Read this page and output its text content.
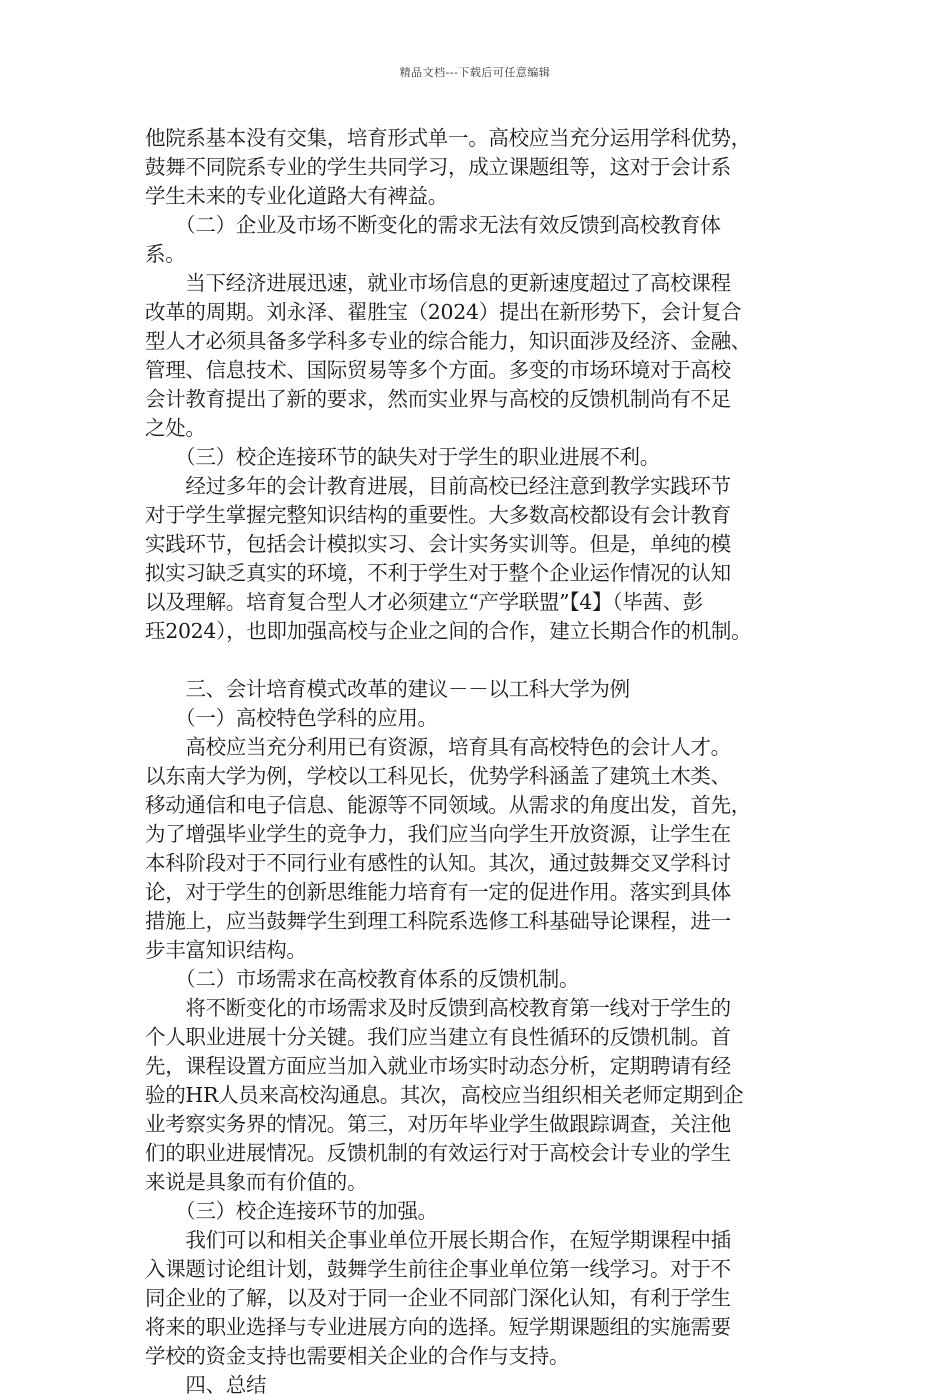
精品文档---下载后可任意编辑
他院系基本没有交集，培育形式单一。高校应当充分运用学科优势，
鼓舞不同院系专业的学生共同学习，成立课题组等，这对于会计系
学生未来的专业化道路大有裨益。
　　（二）企业及市场不断变化的需求无法有效反馈到高校教育体
系。
　　当下经济进展迅速，就业市场信息的更新速度超过了高校课程
改革的周期。刘永泽、翟胜宝（2024）提出在新形势下，会计复合
型人才必须具备多学科多专业的综合能力，知识面涉及经济、金融、
管理、信息技术、国际贸易等多个方面。多变的市场环境对于高校
会计教育提出了新的要求，然而实业界与高校的反馈机制尚有不足
之处。
　　（三）校企连接环节的缺失对于学生的职业进展不利。
　　经过多年的会计教育进展，目前高校已经注意到教学实践环节
对于学生掌握完整知识结构的重要性。大多数高校都设有会计教育
实践环节，包括会计模拟实习、会计实务实训等。但是，单纯的模
拟实习缺乏真实的环境，不利于学生对于整个企业运作情况的认知
以及理解。培育复合型人才必须建立“产学联盟”【4】（毕茜、彭
珏2024），也即加强高校与企业之间的合作，建立长期合作的机制。
　　三、会计培育模式改革的建议－－以工科大学为例
　　（一）高校特色学科的应用。
　　高校应当充分利用已有资源，培育具有高校特色的会计人才。
以东南大学为例，学校以工科见长，优势学科涵盖了建筑土木类、
移动通信和电子信息、能源等不同领域。从需求的角度出发，首先，
为了增强毕业学生的竞争力，我们应当向学生开放资源，让学生在
本科阶段对于不同行业有感性的认知。其次，通过鼓舞交叉学科讨
论，对于学生的创新思维能力培育有一定的促进作用。落实到具体
措施上，应当鼓舞学生到理工科院系选修工科基础导论课程，进一
步丰富知识结构。
　　（二）市场需求在高校教育体系的反馈机制。
　　将不断变化的市场需求及时反馈到高校教育第一线对于学生的
个人职业进展十分关键。我们应当建立有良性循环的反馈机制。首
先，课程设置方面应当加入就业市场实时动态分析，定期聘请有经
验的HR人员来高校沟通息。其次，高校应当组织相关老师定期到企
业考察实务界的情况。第三，对历年毕业学生做跟踪调查，关注他
们的职业进展情况。反馈机制的有效运行对于高校会计专业的学生
来说是具象而有价值的。
　　（三）校企连接环节的加强。
　　我们可以和相关企事业单位开展长期合作，在短学期课程中插
入课题讨论组计划，鼓舞学生前往企事业单位第一线学习。对于不
同企业的了解，以及对于同一企业不同部门深化认知，有利于学生
将来的职业选择与专业进展方向的选择。短学期课题组的实施需要
学校的资金支持也需要相关企业的合作与支持。
　　四、总结
